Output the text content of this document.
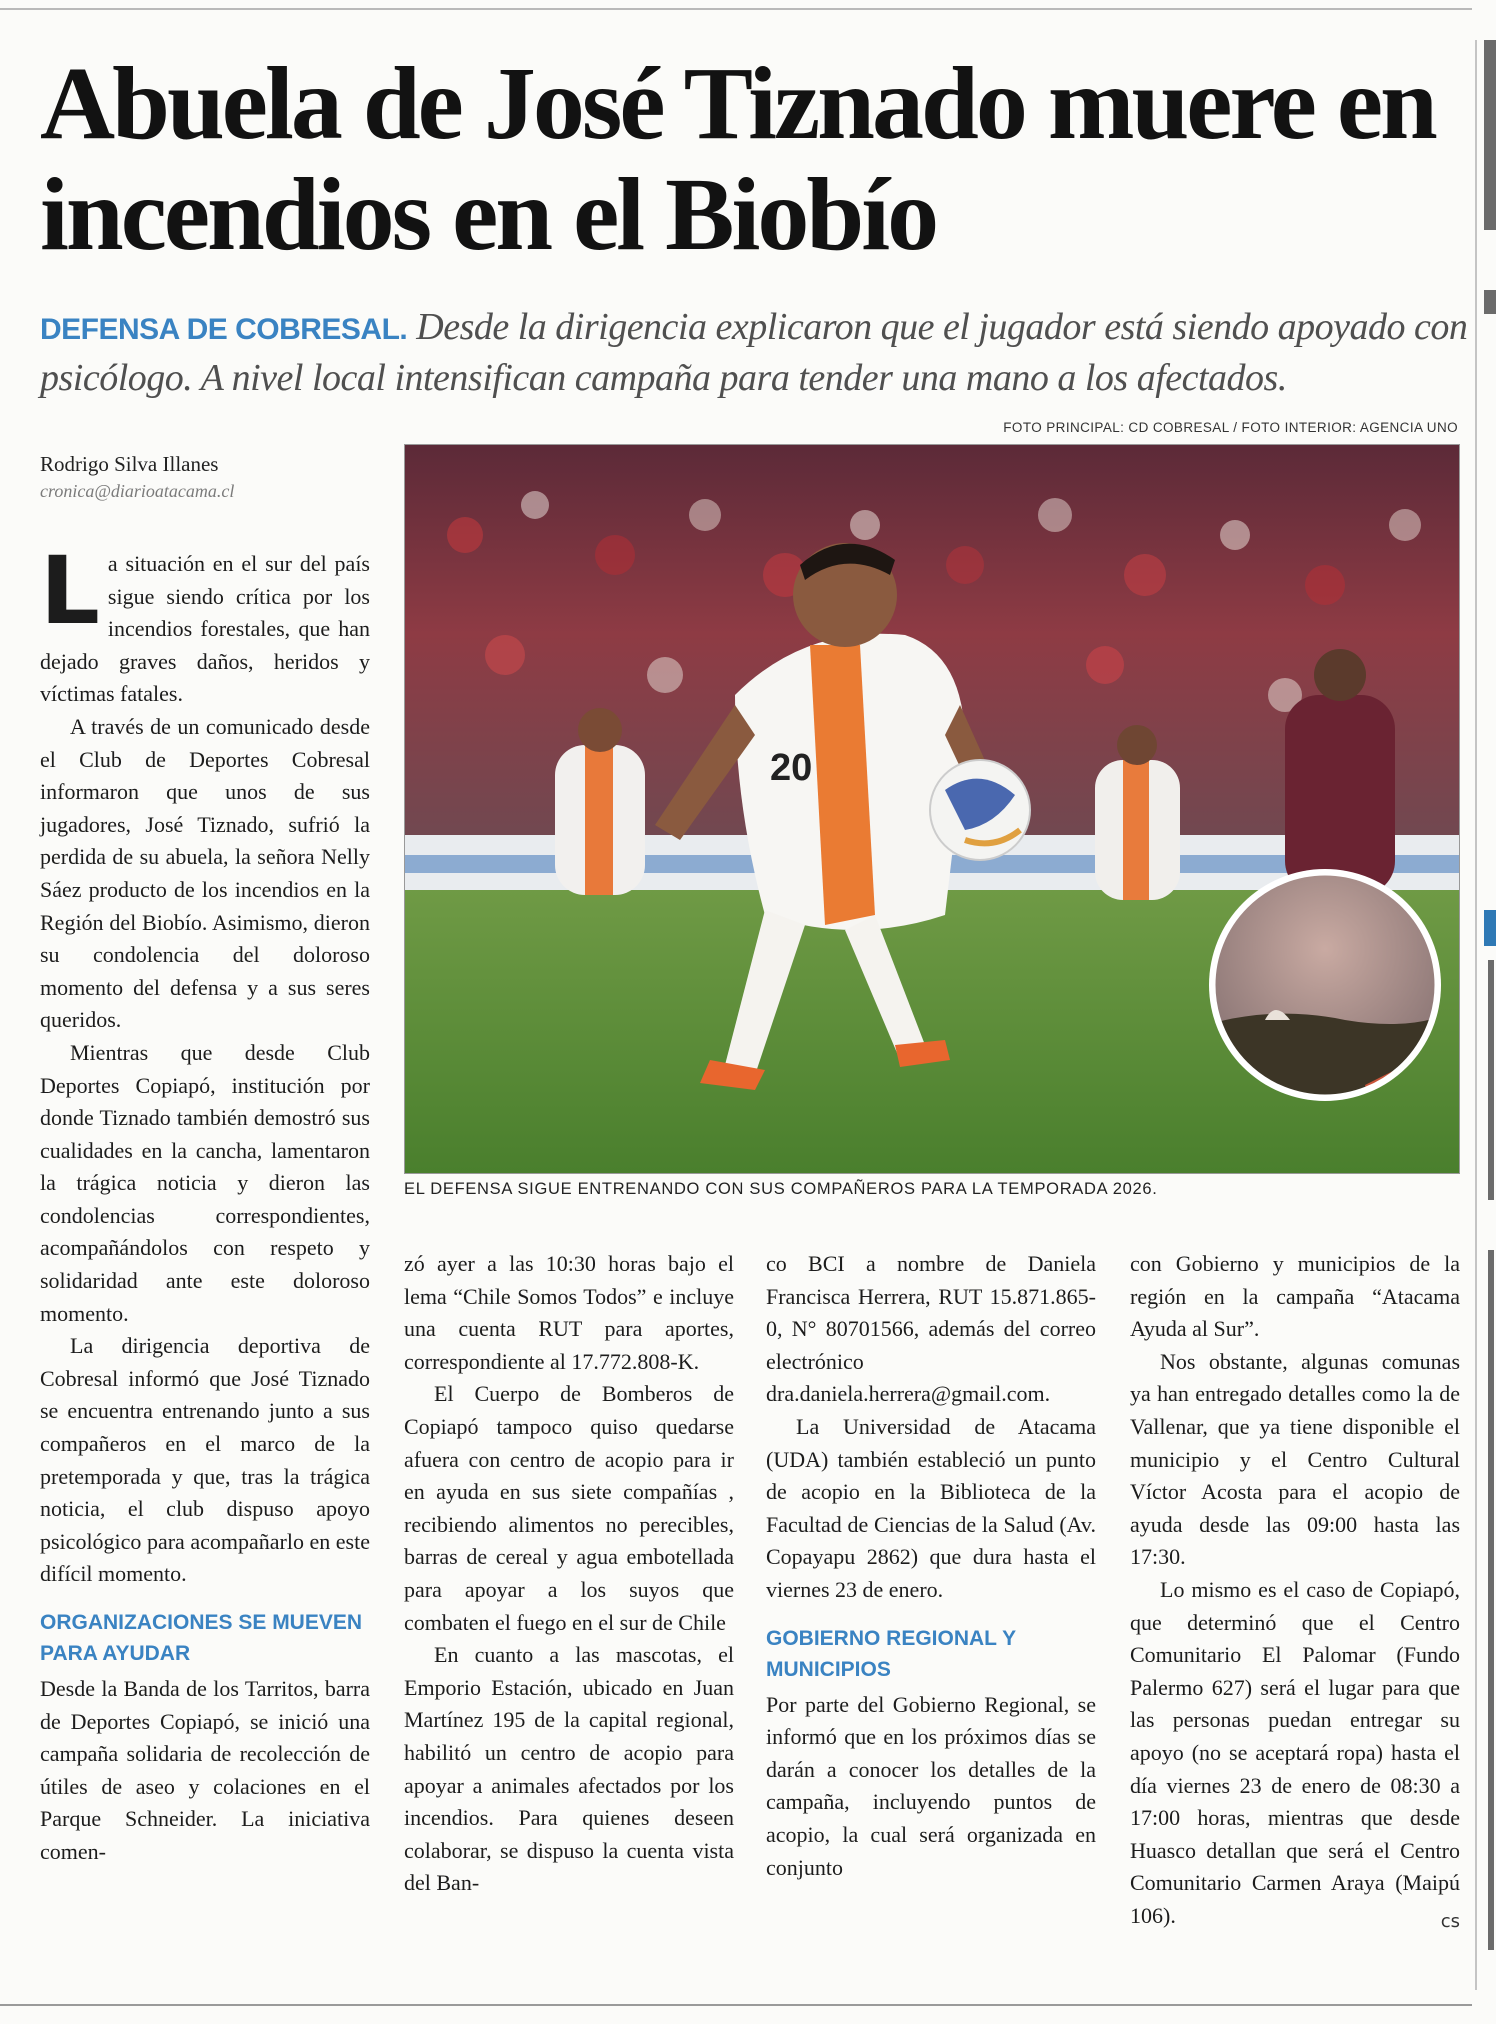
Abuela de José Tiznado muere en incendios en el Biobío

DEFENSA DE COBRESAL. Desde la dirigencia explicaron que el jugador está siendo apoyado con psicólogo. A nivel local intensifican campaña para tender una mano a los afectados.

FOTO PRINCIPAL: CD COBRESAL / FOTO INTERIOR: AGENCIA UNO

Rodrigo Silva Illanes

cronica@diarioatacama.cl

20

EL DEFENSA SIGUE ENTRENANDO CON SUS COMPAÑEROS PARA LA TEMPORADA 2026.

La situación en el sur del país sigue siendo crítica por los incendios forestales, que han dejado graves daños, heridos y víctimas fatales.

A través de un comunicado desde el Club de Deportes Cobresal informaron que unos de sus jugadores, José Tiznado, sufrió la perdida de su abuela, la señora Nelly Sáez producto de los incendios en la Región del Biobío. Asimismo, dieron su condolencia del doloroso momento del defensa y a sus seres queridos.

Mientras que desde Club Deportes Copiapó, institución por donde Tiznado también demostró sus cualidades en la cancha, lamentaron la trágica noticia y dieron las condolencias correspondientes, acompañándolos con respeto y solidaridad ante este doloroso momento.

La dirigencia deportiva de Cobresal informó que José Tiznado se encuentra entrenando junto a sus compañeros en el marco de la pretemporada y que, tras la trágica noticia, el club dispuso apoyo psicológico para acompañarlo en este difícil momento.

ORGANIZACIONES SE MUEVEN PARA AYUDAR

Desde la Banda de los Tarritos, barra de Deportes Copiapó, se inició una campaña solidaria de recolección de útiles de aseo y colaciones en el Parque Schneider. La iniciativa comen-

zó ayer a las 10:30 horas bajo el lema “Chile Somos Todos” e incluye una cuenta RUT para aportes, correspondiente al 17.772.808-K.

El Cuerpo de Bomberos de Copiapó tampoco quiso quedarse afuera con centro de acopio para ir en ayuda en sus siete compañías , recibiendo alimentos no perecibles, barras de cereal y agua embotellada para apoyar a los suyos que combaten el fuego en el sur de Chile

En cuanto a las mascotas, el Emporio Estación, ubicado en Juan Martínez 195 de la capital regional, habilitó un centro de acopio para apoyar a animales afectados por los incendios. Para quienes deseen colaborar, se dispuso la cuenta vista del Ban-

co BCI a nombre de Daniela Francisca Herrera, RUT 15.871.865-0, N° 80701566, además del correo electrónico dra.daniela.herrera@gmail.com.

La Universidad de Atacama (UDA) también estableció un punto de acopio en la Biblioteca de la Facultad de Ciencias de la Salud (Av. Copayapu 2862) que dura hasta el viernes 23 de enero.

GOBIERNO REGIONAL Y MUNICIPIOS

Por parte del Gobierno Regional, se informó que en los próximos días se darán a conocer los detalles de la campaña, incluyendo puntos de acopio, la cual será organizada en conjunto

con Gobierno y municipios de la región en la campaña “Atacama Ayuda al Sur”.

Nos obstante, algunas comunas ya han entregado detalles como la de Vallenar, que ya tiene disponible el municipio y el Centro Cultural Víctor Acosta para el acopio de ayuda desde las 09:00 hasta las 17:30.

Lo mismo es el caso de Copiapó, que determinó que el Centro Comunitario El Palomar (Fundo Palermo 627) será el lugar para que las personas puedan entregar su apoyo (no se aceptará ropa) hasta el día viernes 23 de enero de 08:30 a 17:00 horas, mientras que desde Huasco detallan que será el Centro Comunitario Carmen Araya (Maipú 106).	cs
